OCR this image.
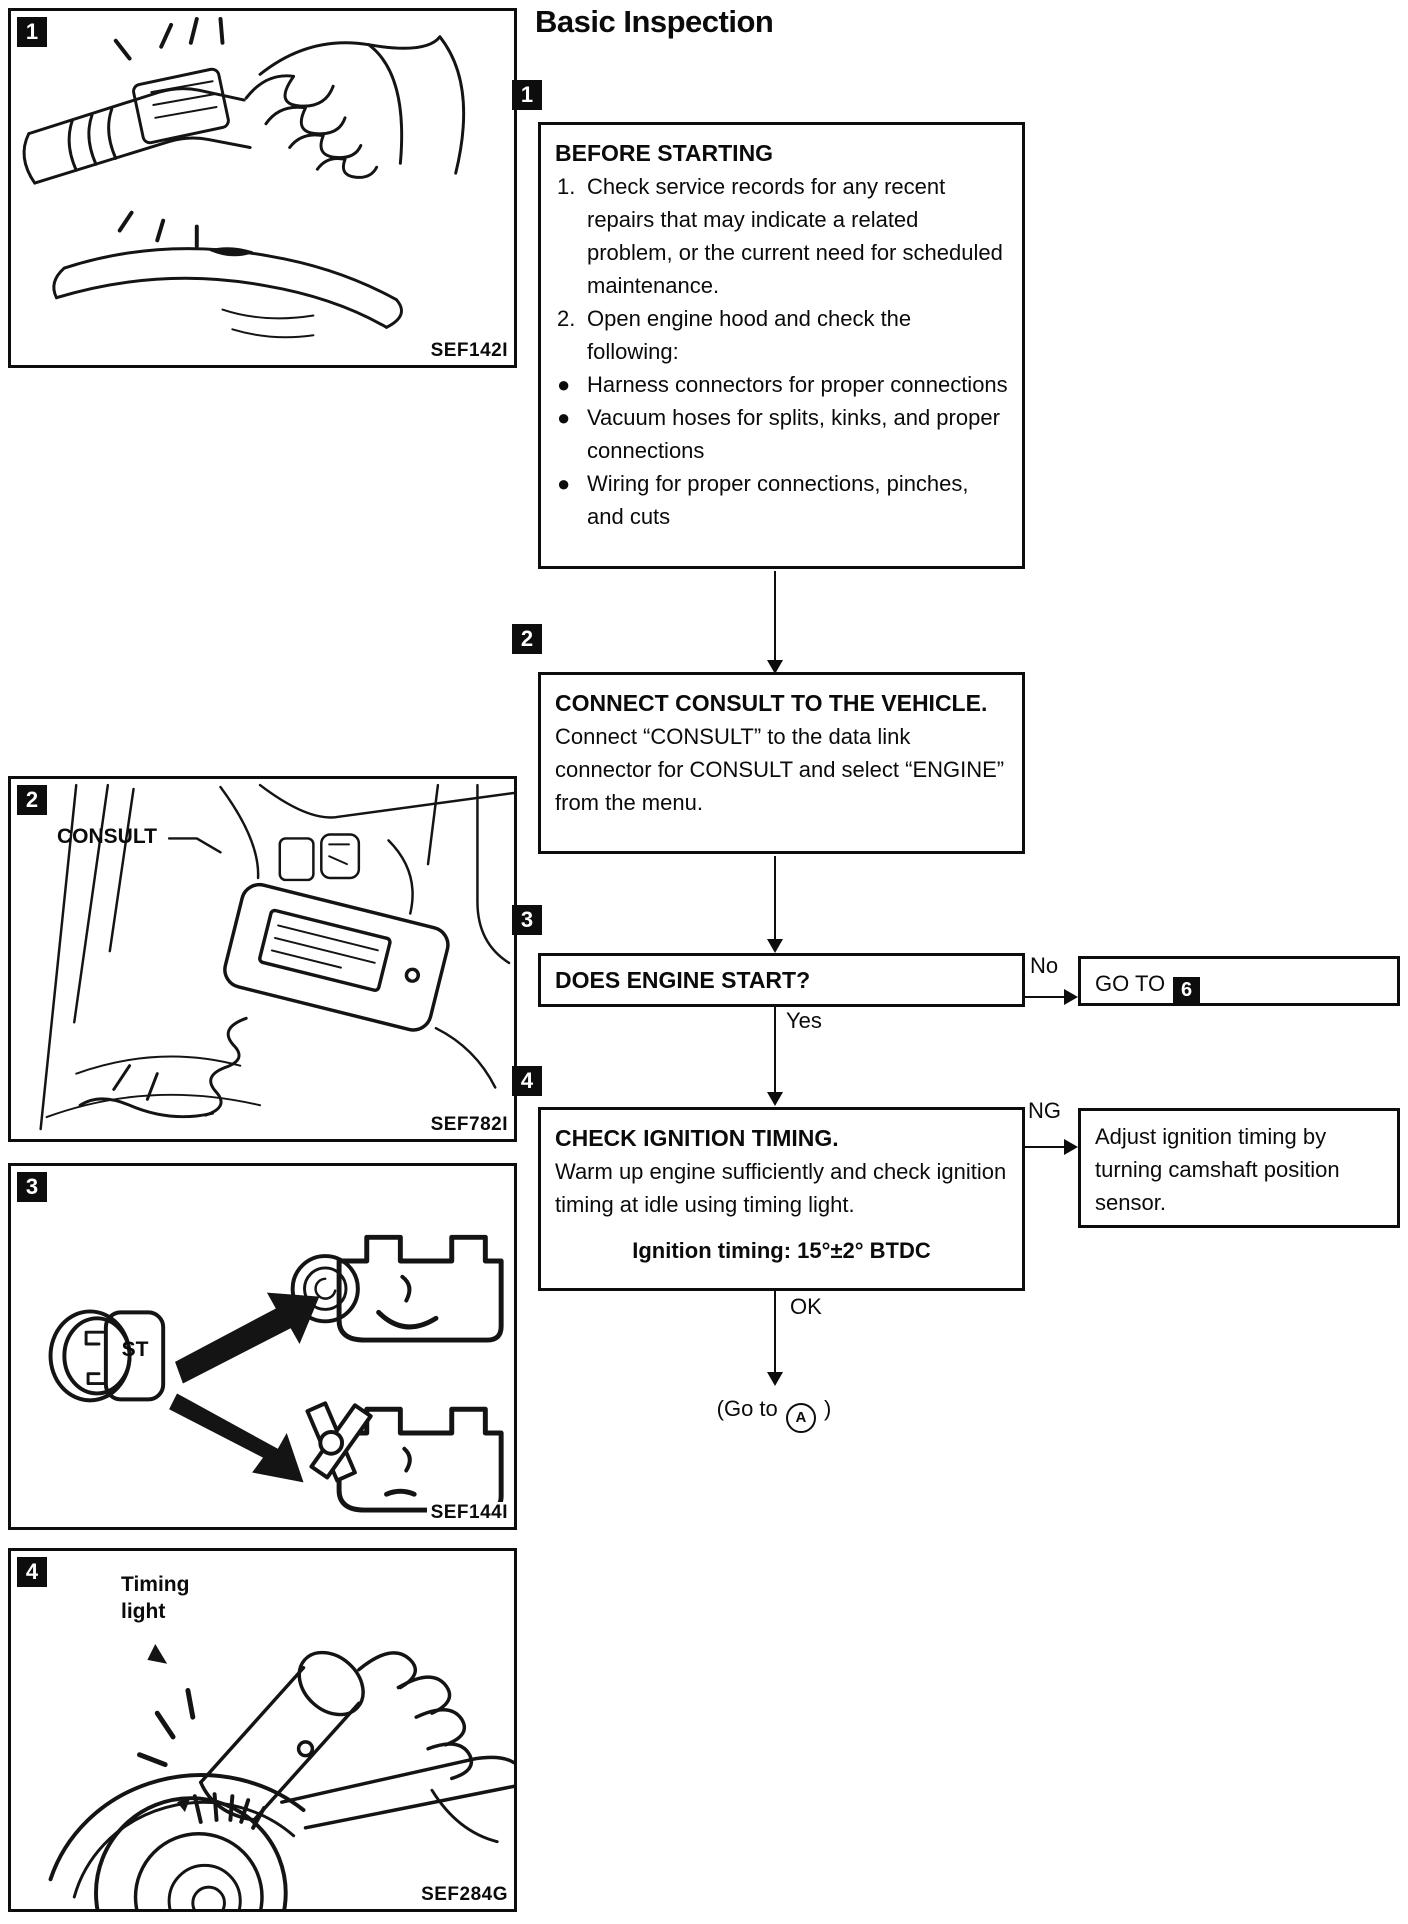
1
SEF142I
2
CONSULT
SEF782I
3
ST
SEF144I
4
Timing light
SEF284G
Basic Inspection
1
BEFORE STARTING
1. Check service records for any recent repairs that may indicate a related problem, or the current need for scheduled maintenance.
2. Open engine hood and check the following:
● Harness connectors for proper connections
● Vacuum hoses for splits, kinks, and proper connections
● Wiring for proper connections, pinches, and cuts
2
CONNECT CONSULT TO THE VEHICLE.
Connect “CONSULT” to the data link connector for CONSULT and select “ENGINE” from the menu.
3
DOES ENGINE START?
No
GO TO 6
Yes
4
CHECK IGNITION TIMING.
Warm up engine sufficiently and check ignition timing at idle using timing light.
Ignition timing: 15°±2° BTDC
NG
Adjust ignition timing by turning camshaft position sensor.
OK
(Go to A )
